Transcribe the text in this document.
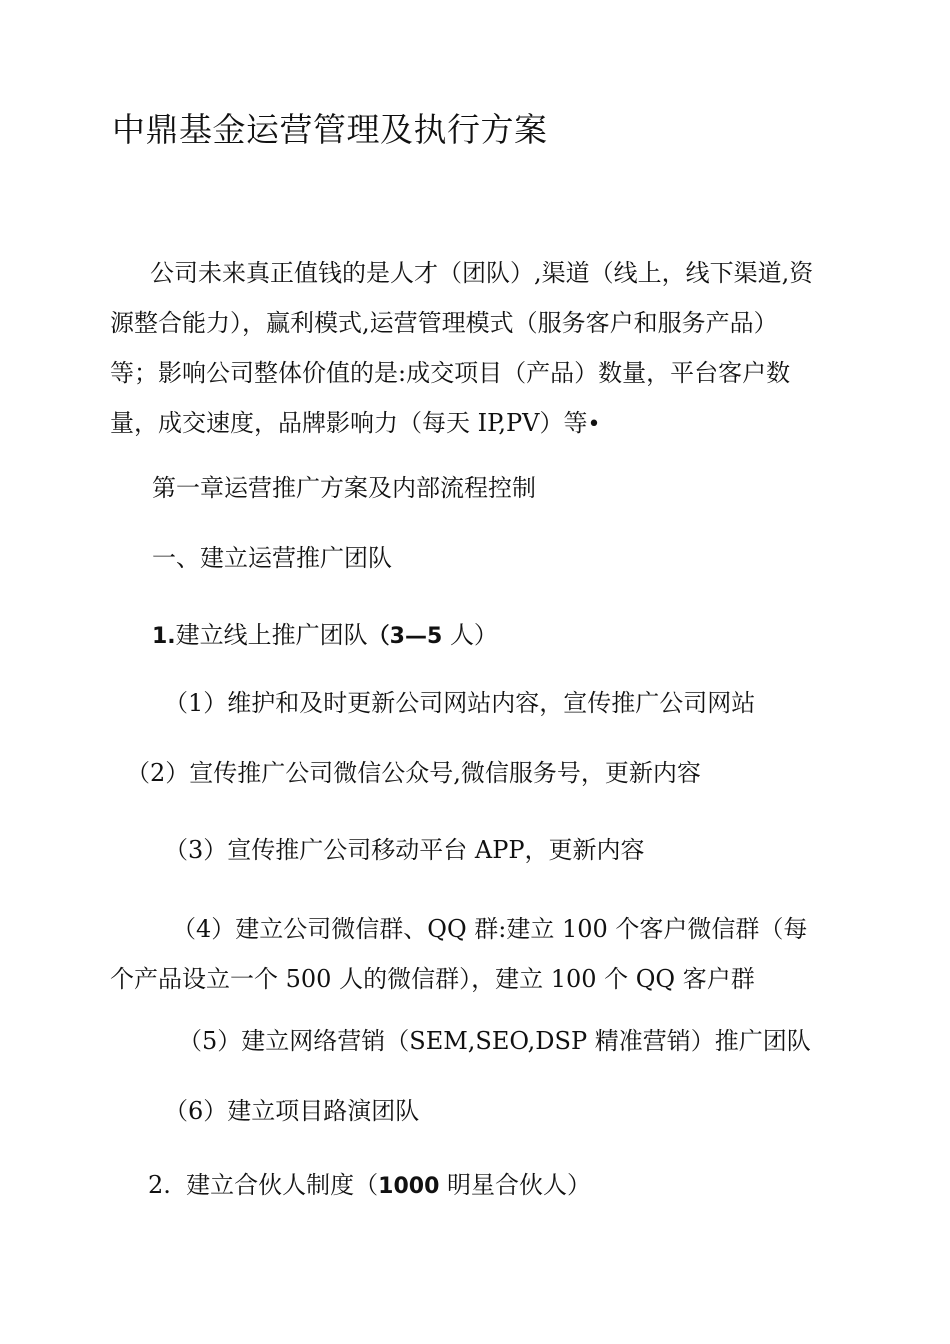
中鼎基金运营管理及执行方案

公司未来真正值钱的是人才（团队）,渠道（线上，线下渠道,资
源整合能力），赢利模式,运营管理模式（服务客户和服务产品）
等；影响公司整体价值的是:成交项目（产品）数量，平台客户数
量，成交速度，品牌影响力（每天 IP,PV）等•

第一章运营推广方案及内部流程控制

一、建立运营推广团队

1.建立线上推广团队（3—5 人）

（1）维护和及时更新公司网站内容，宣传推广公司网站

（2）宣传推广公司微信公众号,微信服务号，更新内容

（3）宣传推广公司移动平台 APP，更新内容

（4）建立公司微信群、QQ 群:建立 100 个客户微信群（每
个产品设立一个 500 人的微信群），建立 100 个 QQ 客户群

（5）建立网络营销（SEM,SEO,DSP 精准营销）推广团队

（6）建立项目路演团队

2. 建立合伙人制度（1000 明星合伙人）
